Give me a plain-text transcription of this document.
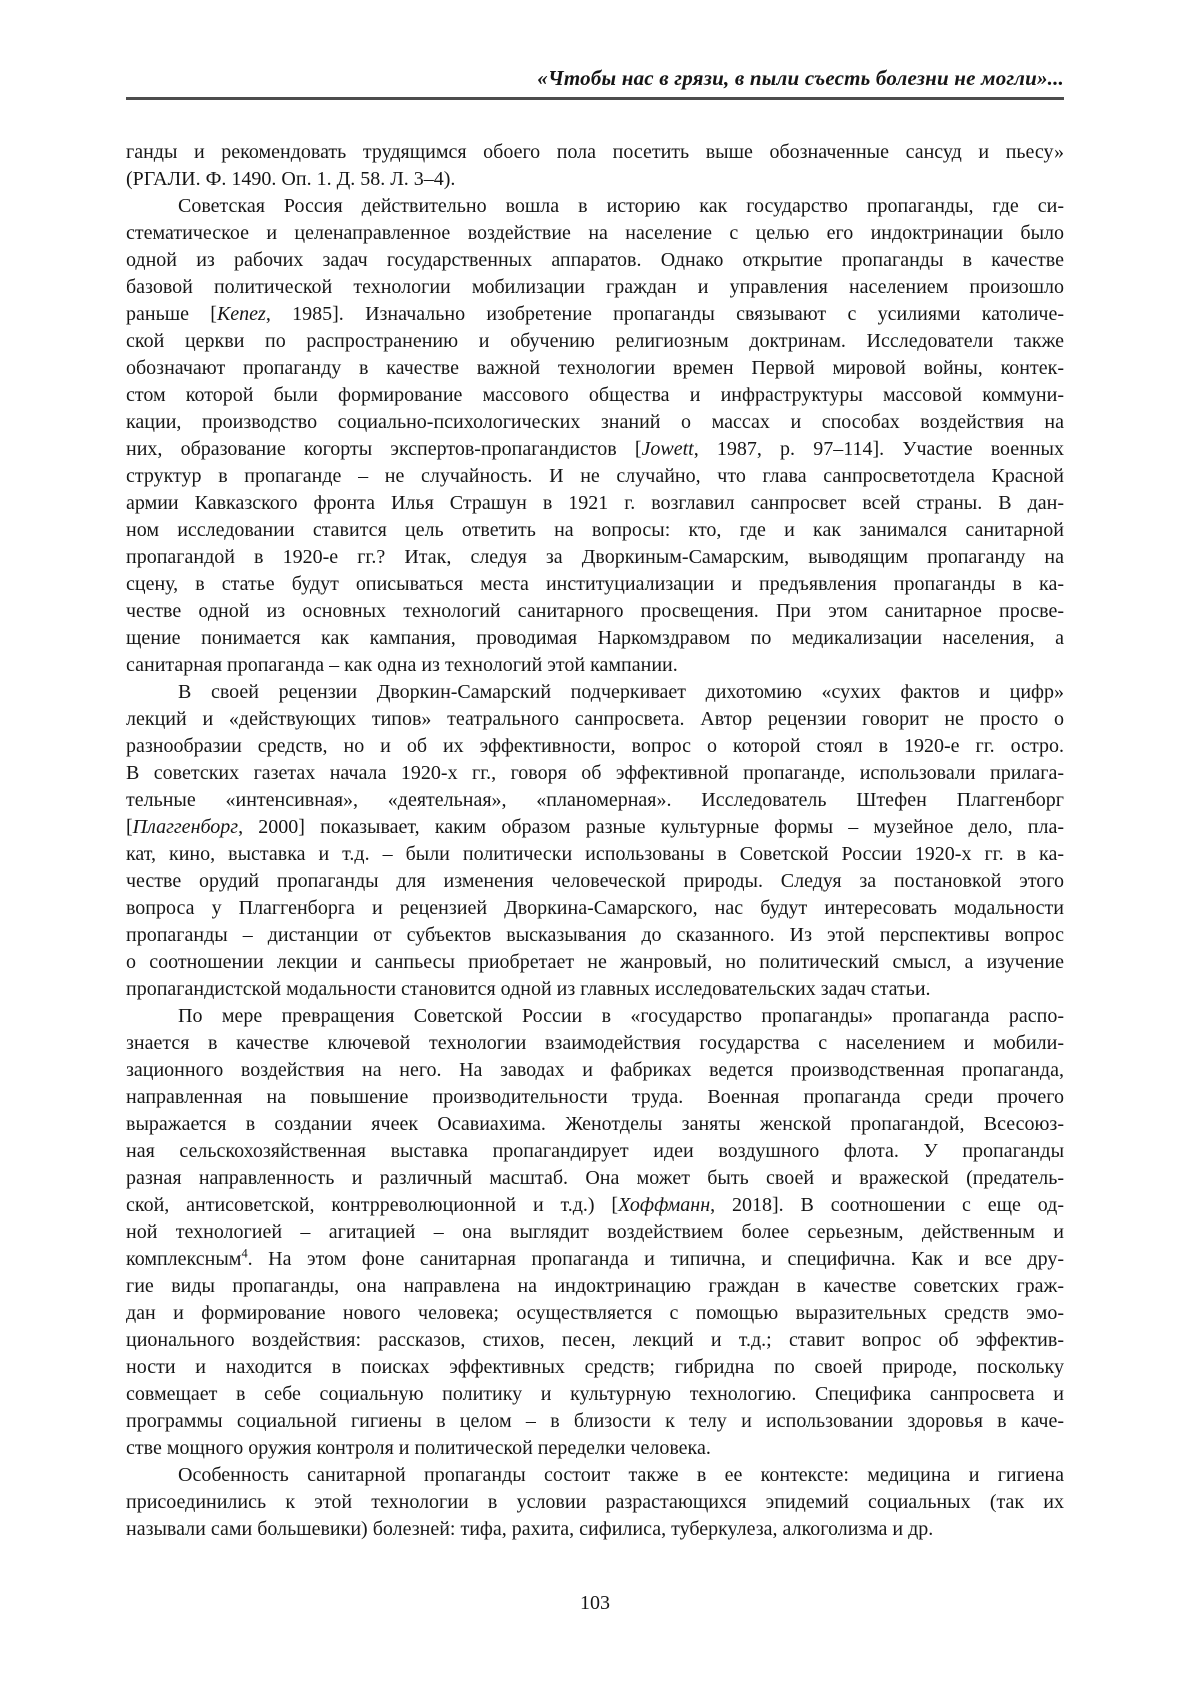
«Чтобы нас в грязи, в пыли съесть болезни не могли»...
ганды и рекомендовать трудящимся обоего пола посетить выше обозначенные сансуд и пьесу»
(РГАЛИ. Ф. 1490. Оп. 1. Д. 58. Л. 3–4).
Советская Россия действительно вошла в историю как государство пропаганды, где си-
стематическое и целенаправленное воздействие на население с целью его индоктринации было
одной из рабочих задач государственных аппаратов. Однако открытие пропаганды в качестве
базовой политической технологии мобилизации граждан и управления населением произошло
раньше [Kenez, 1985]. Изначально изобретение пропаганды связывают с усилиями католиче-
ской церкви по распространению и обучению религиозным доктринам. Исследователи также
обозначают пропаганду в качестве важной технологии времен Первой мировой войны, контек-
стом которой были формирование массового общества и инфраструктуры массовой коммуни-
кации, производство социально-психологических знаний о массах и способах воздействия на
них, образование когорты экспертов-пропагандистов [Jowett, 1987, p. 97–114]. Участие военных
структур в пропаганде – не случайность. И не случайно, что глава санпросветотдела Красной
армии Кавказского фронта Илья Страшун в 1921 г. возглавил санпросвет всей страны. В дан-
ном исследовании ставится цель ответить на вопросы: кто, где и как занимался санитарной
пропагандой в 1920-е гг.? Итак, следуя за Дворкиным-Самарским, выводящим пропаганду на
сцену, в статье будут описываться места институциализации и предъявления пропаганды в ка-
честве одной из основных технологий санитарного просвещения. При этом санитарное просве-
щение понимается как кампания, проводимая Наркомздравом по медикализации населения, а
санитарная пропаганда – как одна из технологий этой кампании.
В своей рецензии Дворкин-Самарский подчеркивает дихотомию «сухих фактов и цифр»
лекций и «действующих типов» театрального санпросвета. Автор рецензии говорит не просто о
разнообразии средств, но и об их эффективности, вопрос о которой стоял в 1920-е гг. остро.
В советских газетах начала 1920-х гг., говоря об эффективной пропаганде, использовали прилага-
тельные «интенсивная», «деятельная», «планомерная». Исследователь Штефен Плаггенборг
[Плаггенборг, 2000] показывает, каким образом разные культурные формы – музейное дело, пла-
кат, кино, выставка и т.д. – были политически использованы в Советской России 1920-х гг. в ка-
честве орудий пропаганды для изменения человеческой природы. Следуя за постановкой этого
вопроса у Плаггенборга и рецензией Дворкина-Самарского, нас будут интересовать модальности
пропаганды – дистанции от субъектов высказывания до сказанного. Из этой перспективы вопрос
о соотношении лекции и санпьесы приобретает не жанровый, но политический смысл, а изучение
пропагандистской модальности становится одной из главных исследовательских задач статьи.
По мере превращения Советской России в «государство пропаганды» пропаганда распо-
знается в качестве ключевой технологии взаимодействия государства с населением и мобили-
зационного воздействия на него. На заводах и фабриках ведется производственная пропаганда,
направленная на повышение производительности труда. Военная пропаганда среди прочего
выражается в создании ячеек Осавиахима. Женотделы заняты женской пропагандой, Всесоюз-
ная сельскохозяйственная выставка пропагандирует идеи воздушного флота. У пропаганды
разная направленность и различный масштаб. Она может быть своей и вражеской (предатель-
ской, антисоветской, контрреволюционной и т.д.) [Хоффманн, 2018]. В соотношении с еще од-
ной технологией – агитацией – она выглядит воздействием более серьезным, действенным и
комплексным$^4$. На этом фоне санитарная пропаганда и типична, и специфична. Как и все дру-
гие виды пропаганды, она направлена на индоктринацию граждан в качестве советских граж-
дан и формирование нового человека; осуществляется с помощью выразительных средств эмо-
ционального воздействия: рассказов, стихов, песен, лекций и т.д.; ставит вопрос об эффектив-
ности и находится в поисках эффективных средств; гибридна по своей природе, поскольку
совмещает в себе социальную политику и культурную технологию. Специфика санпросвета и
программы социальной гигиены в целом – в близости к телу и использовании здоровья в каче-
стве мощного оружия контроля и политической переделки человека.
Особенность санитарной пропаганды состоит также в ее контексте: медицина и гигиена
присоединились к этой технологии в условии разрастающихся эпидемий социальных (так их
называли сами большевики) болезней: тифа, рахита, сифилиса, туберкулеза, алкоголизма и др.
103
